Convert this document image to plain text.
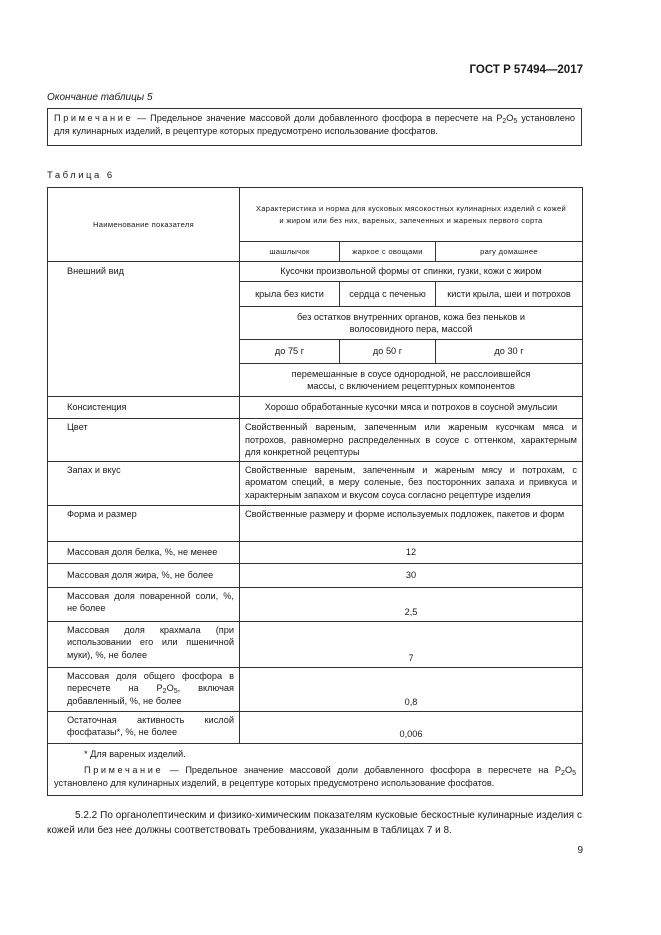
ГОСТ Р 57494—2017
Окончание таблицы 5
Примечание — Предельное значение массовой доли добавленного фосфора в пересчете на $P_2O_5$ установлено для кулинарных изделий, в рецептуре которых предусмотрено использование фосфатов.
Таблица 6
Наименование показателя	Характеристика и норма для кусковых мясокостных кулинарных изделий с кожей и жиром или без них, вареных, запеченных и жареных первого сорта		
	шашлычок	жаркое с овощами	рагу домашнее
Внешний вид	Кусочки произвольной формы от спинки, гузки, кожи с жиром		
	крыла без кисти	сердца с печенью	кисти крыла, шеи и потрохов
	без остатков внутренних органов, кожа без пеньков и волосовидного пера, массой		
	до 75 г	до 50 г	до 30 г
	перемешанные в соусе однородной, не расслоившейся массы, с включением рецептурных компонентов		
Консистенция	Хорошо обработанные кусочки мяса и потрохов в соусной эмульсии		
Цвет	Свойственный вареным, запеченным или жареным кусочкам мяса и потрохов, равномерно распределенных в соусе с оттенком, характерным для конкретной рецептуры		
Запах и вкус	Свойственные вареным, запеченным и жареным мясу и потрохам, с ароматом специй, в меру соленые, без посторонних запаха и привкуса и характерным запахом и вкусом соуса согласно рецептуре изделия		
Форма и размер	Свойственные размеру и форме используемых подложек, пакетов и форм		
Массовая доля белка, %, не менее	12		
Массовая доля жира, %, не более	30		
Массовая доля поваренной соли, %, не более	2,5		
Массовая доля крахмала (при использовании его или пшеничной муки), %, не более	7		
Массовая доля общего фосфора в пересчете на $P_2O_5$, включая добавленный, %, не более	0,8		
Остаточная активность кислой фосфатазы*, %, не более	0,006		

* Для вареных изделий.
Примечание — Предельное значение массовой доли добавленного фосфора в пересчете на $P_2O_5$ установлено для кулинарных изделий, в рецептуре которых предусмотрено использование фосфатов.			
5.2.2 По органолептическим и физико-химическим показателям кусковые бескостные кулинарные изделия с кожей или без нее должны соответствовать требованиям, указанным в таблицах 7 и 8.
9
